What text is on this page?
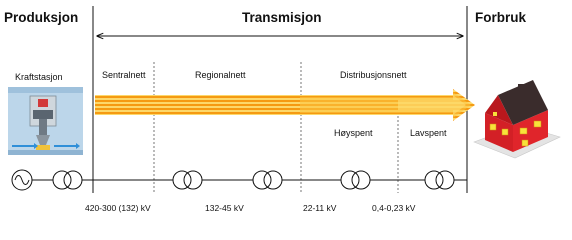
Produksjon	Transmisjon	Forbruk
Kraftstasjon	Sentralnett	Regionalnett	Distribusjonsnett
Høyspent	Lavspent
420-300 (132) kV	132-45 kV	22-11 kV	0,4-0,23 kV
